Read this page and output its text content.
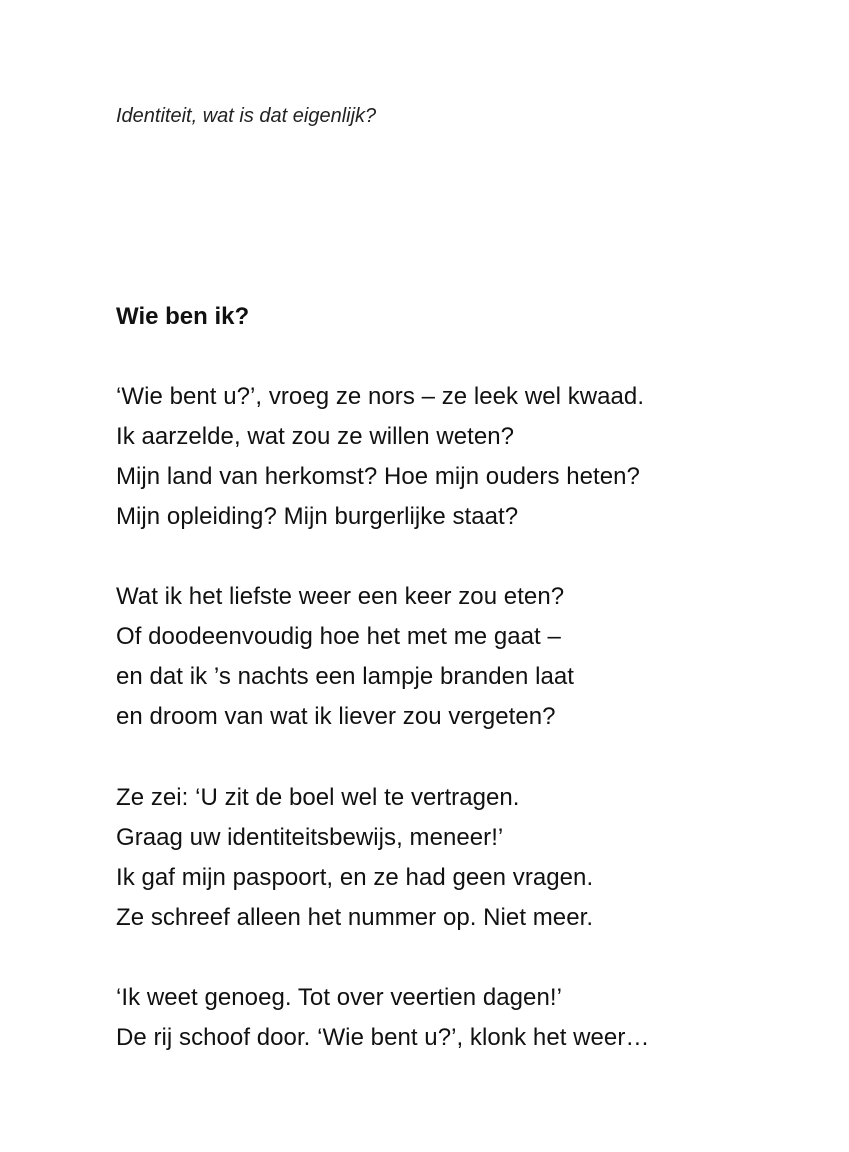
Identiteit, wat is dat eigenlijk?
Wie ben ik?
‘Wie bent u?’, vroeg ze nors – ze leek wel kwaad.
Ik aarzelde, wat zou ze willen weten?
Mijn land van herkomst? Hoe mijn ouders heten?
Mijn opleiding? Mijn burgerlijke staat?
Wat ik het liefste weer een keer zou eten?
Of doodeenvoudig hoe het met me gaat –
en dat ik ’s nachts een lampje branden laat
en droom van wat ik liever zou vergeten?
Ze zei: ‘U zit de boel wel te vertragen.
Graag uw identiteitsbewijs, meneer!’
Ik gaf mijn paspoort, en ze had geen vragen.
Ze schreef alleen het nummer op. Niet meer.
‘Ik weet genoeg. Tot over veertien dagen!’
De rij schoof door. ‘Wie bent u?’, klonk het weer…
